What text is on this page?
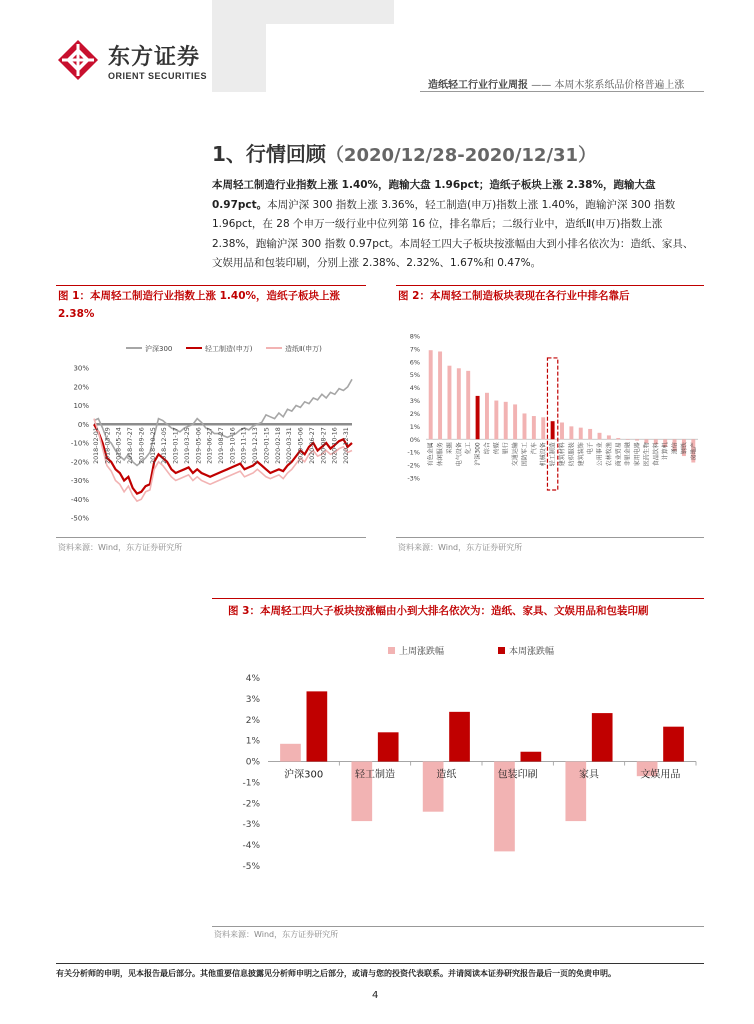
东方证券
ORIENT SECURITIES
造纸轻工行业行业周报 —— 本周木浆系纸品价格普遍上涨
1、行情回顾（2020/12/28-2020/12/31）
本周轻工制造行业指数上涨 1.40%，跑输大盘 1.96pct；造纸子板块上涨 2.38%，跑输大盘 0.97pct。本周沪深 300 指数上涨 3.36%，轻工制造(申万)指数上涨 1.40%，跑输沪深 300 指数 1.96pct，在 28 个申万一级行业中位列第 16 位，排名靠后；二级行业中，造纸Ⅱ(申万)指数上涨 2.38%，跑输沪深 300 指数 0.97pct。本周轻工四大子板块按涨幅由大到小排名依次为：造纸、家具、文娱用品和包装印刷，分别上涨 2.38%、2.32%、1.67%和 0.47%。
图 1：本周轻工制造行业指数上涨 1.40%，造纸子板块上涨 2.38%
沪深300	轻工制造(申万)	造纸Ⅱ(申万)
30%
20%
10%
0%
-10%
-20%
-30%
-40%
-50%
2018-02-01 2018-03-29 2018-05-24 2018-07-27 2018-09-26 2018-10-25 2018-12-05 2019-01-17 2019-03-25 2019-05-06 2019-06-27 2019-08-27 2019-10-16 2019-11-13 2019-12-13 2020-01-15 2020-02-18 2020-03-31 2020-05-06 2020-06-27 2020-08-27 2020-10-16 2020-12-31
资料来源：Wind，东方证券研究所
图 2：本周轻工制造板块表现在各行业中排名靠后
8%
7%
6%
5%
4%
3%
2%
1%
0%
-1%
-2%
-3%
有色金属 休闲服务 采掘 电气设备 化工 沪深300 综合 传媒 银行 交通运输 国防军工 汽车 机械设备 轻工制造 建筑材料 纺织服装 建筑装饰 电子 公用事业 农林牧渔 商业贸易 非银金融 家用电器 医药生物 食品饮料 计算机 通信 钢铁 房地产
资料来源：Wind，东方证券研究所
图 3：本周轻工四大子板块按涨幅由小到大排名依次为：造纸、家具、文娱用品和包装印刷
上周涨跌幅	本周涨跌幅
4%
3%
2%
1%
0%
-1%
-2%
-3%
-4%
-5%
沪深300	轻工制造	造纸	包装印刷	家具	文娱用品
资料来源：Wind，东方证券研究所
有关分析师的申明，见本报告最后部分。其他重要信息披露见分析师申明之后部分，或请与您的投资代表联系。并请阅读本证券研究报告最后一页的免责申明。
4
